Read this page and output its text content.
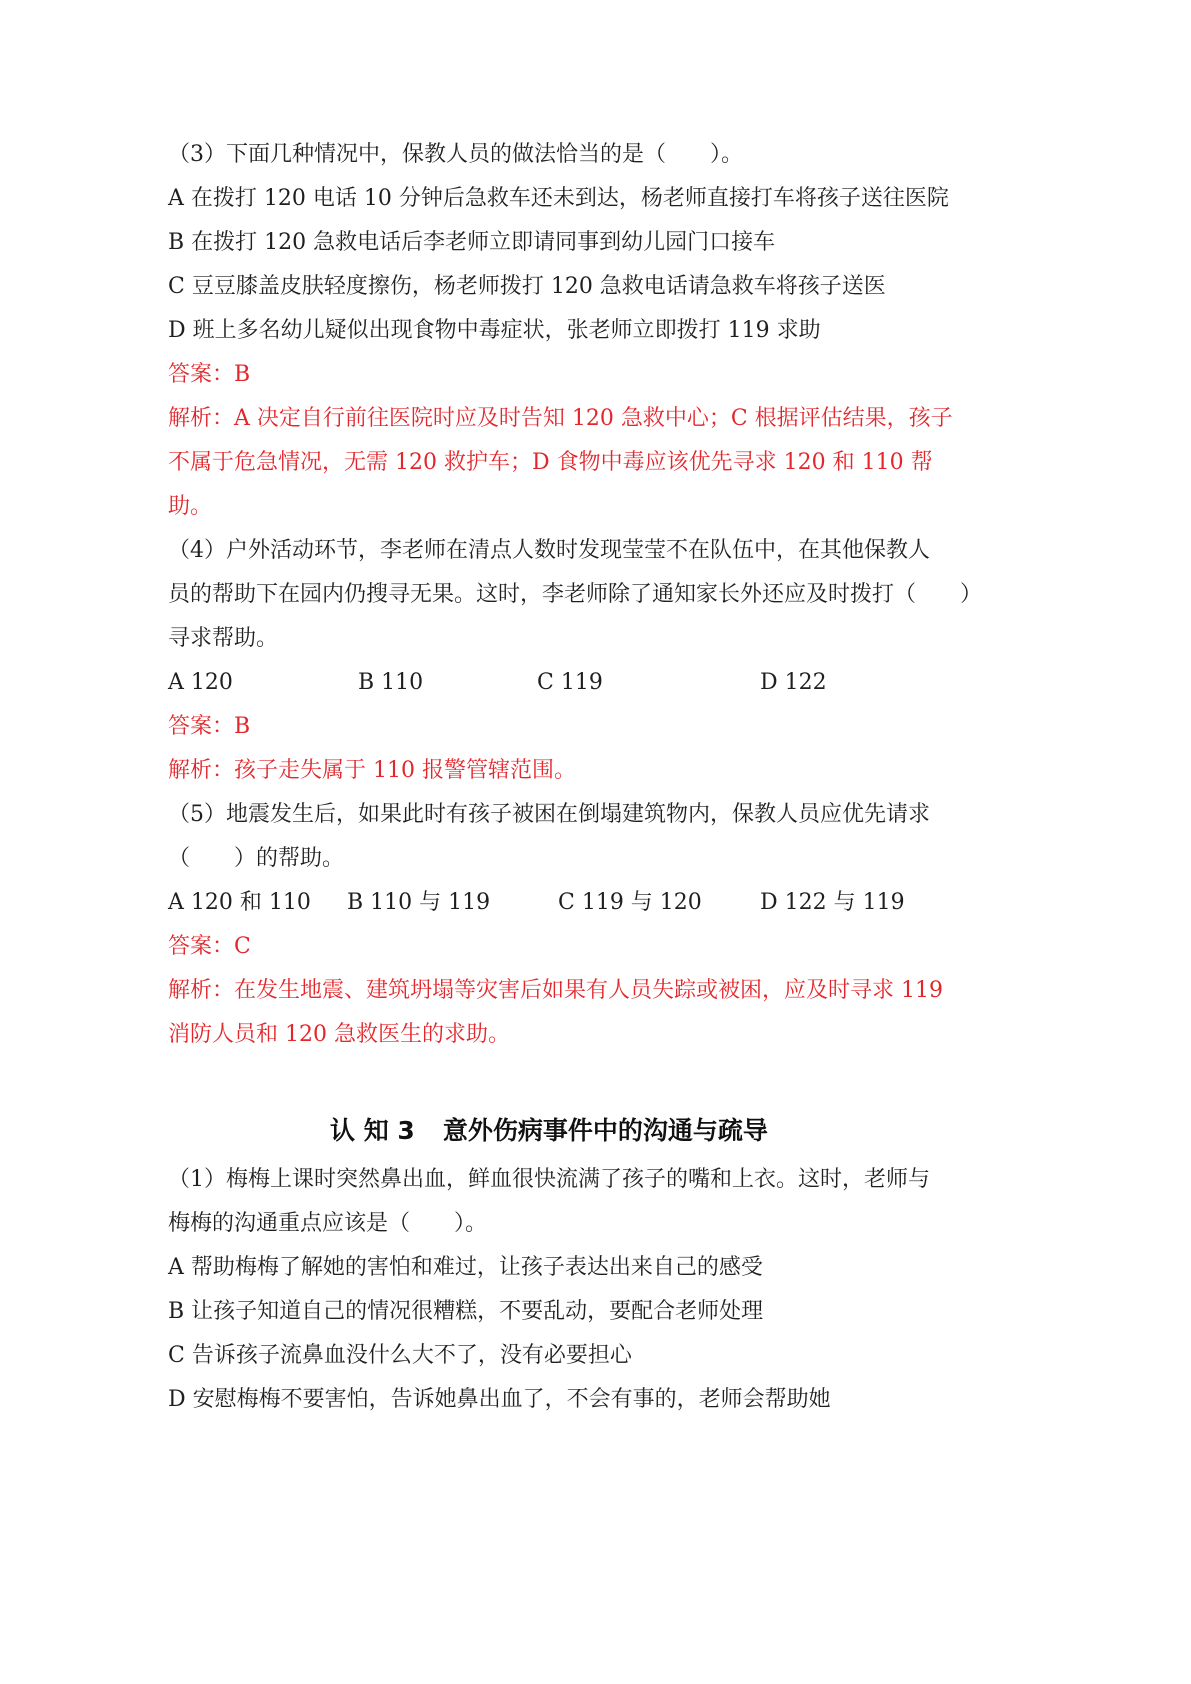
（3）下面几种情况中，保教人员的做法恰当的是（　　）。
A 在拨打 120 电话 10 分钟后急救车还未到达，杨老师直接打车将孩子送往医院
B 在拨打 120 急救电话后李老师立即请同事到幼儿园门口接车
C 豆豆膝盖皮肤轻度擦伤，杨老师拨打 120 急救电话请急救车将孩子送医
D 班上多名幼儿疑似出现食物中毒症状，张老师立即拨打 119 求助
答案：B
解析：A 决定自行前往医院时应及时告知 120 急救中心；C 根据评估结果，孩子
不属于危急情况，无需 120 救护车；D 食物中毒应该优先寻求 120 和 110 帮
助。
（4）户外活动环节，李老师在清点人数时发现莹莹不在队伍中，在其他保教人
员的帮助下在园内仍搜寻无果。这时，李老师除了通知家长外还应及时拨打（　　）
寻求帮助。
A 120	B 110	C 119	D 122
答案：B
解析：孩子走失属于 110 报警管辖范围。
（5）地震发生后，如果此时有孩子被困在倒塌建筑物内，保教人员应优先请求
（　　）的帮助。
A 120 和 110 B 110 与 119	C 119 与 120	D 122 与 119
答案：C
解析：在发生地震、建筑坍塌等灾害后如果有人员失踪或被困，应及时寻求 119
消防人员和 120 急救医生的求助。
认 知 3 意外伤病事件中的沟通与疏导
（1）梅梅上课时突然鼻出血，鲜血很快流满了孩子的嘴和上衣。这时，老师与
梅梅的沟通重点应该是（　　）。
A 帮助梅梅了解她的害怕和难过，让孩子表达出来自己的感受
B 让孩子知道自己的情况很糟糕，不要乱动，要配合老师处理
C 告诉孩子流鼻血没什么大不了，没有必要担心
D 安慰梅梅不要害怕，告诉她鼻出血了，不会有事的，老师会帮助她
